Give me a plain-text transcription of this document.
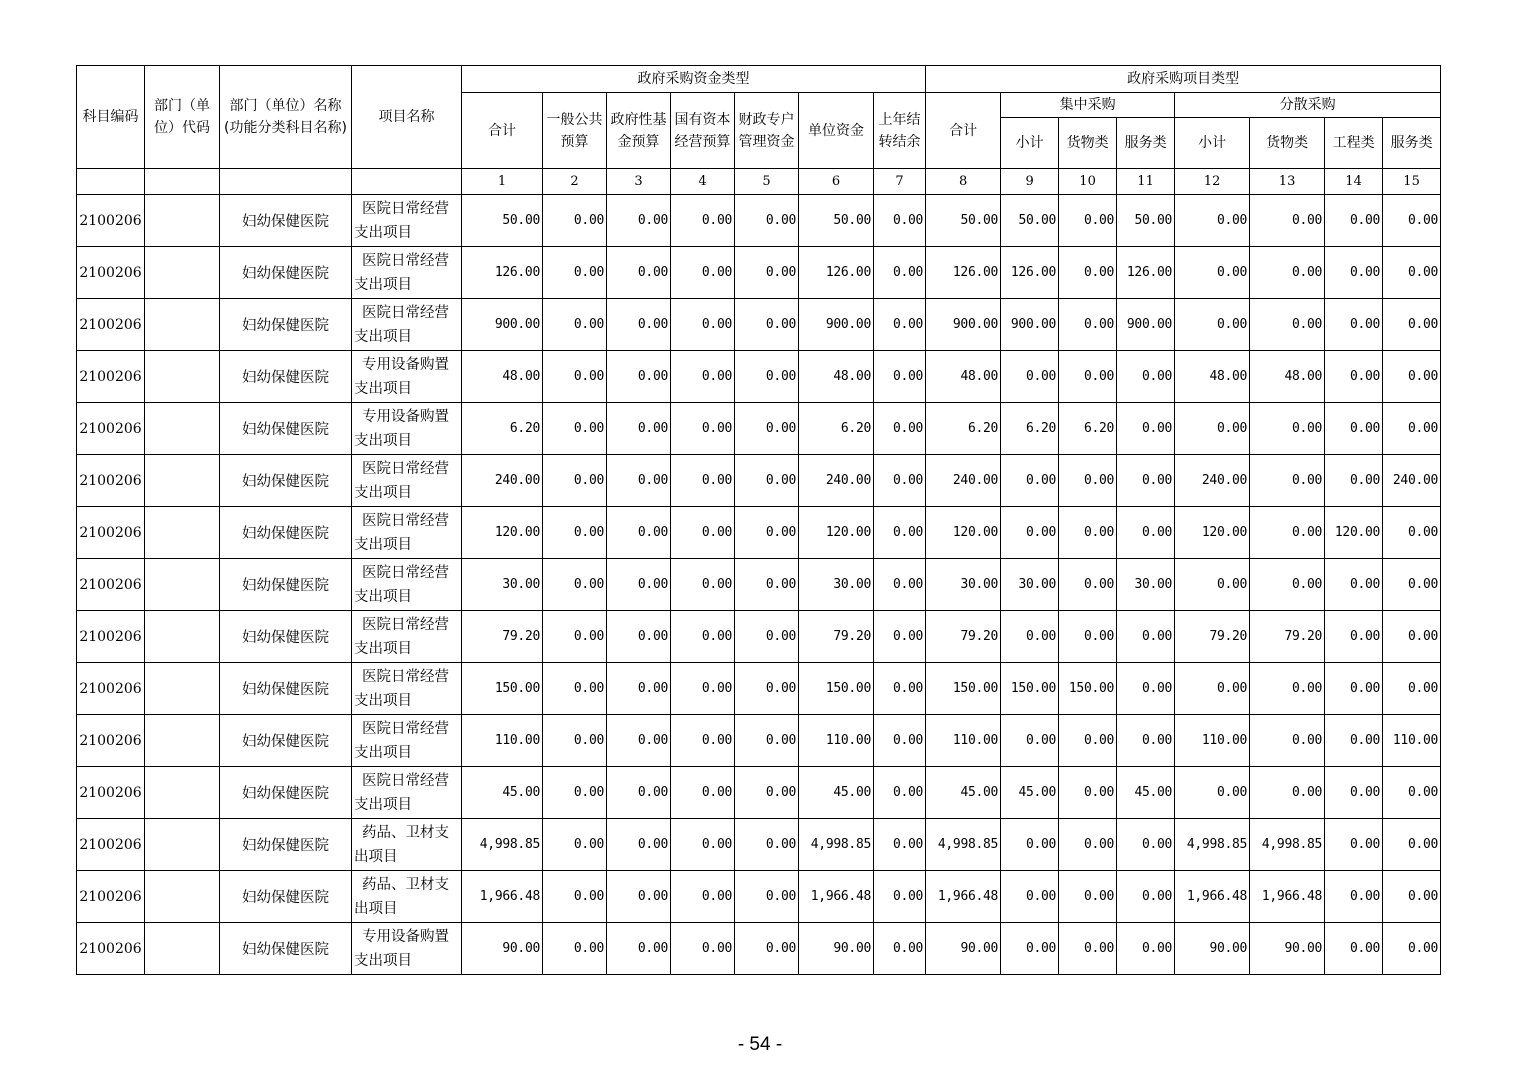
科目编码	部门（单位）代码	部门（单位）名称(功能分类科目名称)	项目名称	政府采购资金类型							政府采购项目类型							
				合计	一般公共预算	政府性基金预算	国有资本经营预算	财政专户管理资金	单位资金	上年结转结余	合计	集中采购			分散采购			
												小计	货物类	服务类	小计	货物类	工程类	服务类
				1	2	3	4	5	6	7	8	9	10	11	12	13	14	15
2100206		妇幼保健医院	医院日常经营
支出项目	50.00	0.00	0.00	0.00	0.00	50.00	0.00	50.00	50.00	0.00	50.00	0.00	0.00	0.00	0.00
2100206		妇幼保健医院	医院日常经营
支出项目	126.00	0.00	0.00	0.00	0.00	126.00	0.00	126.00	126.00	0.00	126.00	0.00	0.00	0.00	0.00
2100206		妇幼保健医院	医院日常经营
支出项目	900.00	0.00	0.00	0.00	0.00	900.00	0.00	900.00	900.00	0.00	900.00	0.00	0.00	0.00	0.00
2100206		妇幼保健医院	专用设备购置
支出项目	48.00	0.00	0.00	0.00	0.00	48.00	0.00	48.00	0.00	0.00	0.00	48.00	48.00	0.00	0.00
2100206		妇幼保健医院	专用设备购置
支出项目	6.20	0.00	0.00	0.00	0.00	6.20	0.00	6.20	6.20	6.20	0.00	0.00	0.00	0.00	0.00
2100206		妇幼保健医院	医院日常经营
支出项目	240.00	0.00	0.00	0.00	0.00	240.00	0.00	240.00	0.00	0.00	0.00	240.00	0.00	0.00	240.00
2100206		妇幼保健医院	医院日常经营
支出项目	120.00	0.00	0.00	0.00	0.00	120.00	0.00	120.00	0.00	0.00	0.00	120.00	0.00	120.00	0.00
2100206		妇幼保健医院	医院日常经营
支出项目	30.00	0.00	0.00	0.00	0.00	30.00	0.00	30.00	30.00	0.00	30.00	0.00	0.00	0.00	0.00
2100206		妇幼保健医院	医院日常经营
支出项目	79.20	0.00	0.00	0.00	0.00	79.20	0.00	79.20	0.00	0.00	0.00	79.20	79.20	0.00	0.00
2100206		妇幼保健医院	医院日常经营
支出项目	150.00	0.00	0.00	0.00	0.00	150.00	0.00	150.00	150.00	150.00	0.00	0.00	0.00	0.00	0.00
2100206		妇幼保健医院	医院日常经营
支出项目	110.00	0.00	0.00	0.00	0.00	110.00	0.00	110.00	0.00	0.00	0.00	110.00	0.00	0.00	110.00
2100206		妇幼保健医院	医院日常经营
支出项目	45.00	0.00	0.00	0.00	0.00	45.00	0.00	45.00	45.00	0.00	45.00	0.00	0.00	0.00	0.00
2100206		妇幼保健医院	药品、卫材支
出项目	4,998.85	0.00	0.00	0.00	0.00	4,998.85	0.00	4,998.85	0.00	0.00	0.00	4,998.85	4,998.85	0.00	0.00
2100206		妇幼保健医院	药品、卫材支
出项目	1,966.48	0.00	0.00	0.00	0.00	1,966.48	0.00	1,966.48	0.00	0.00	0.00	1,966.48	1,966.48	0.00	0.00
2100206		妇幼保健医院	专用设备购置
支出项目	90.00	0.00	0.00	0.00	0.00	90.00	0.00	90.00	0.00	0.00	0.00	90.00	90.00	0.00	0.00
- 54 -
